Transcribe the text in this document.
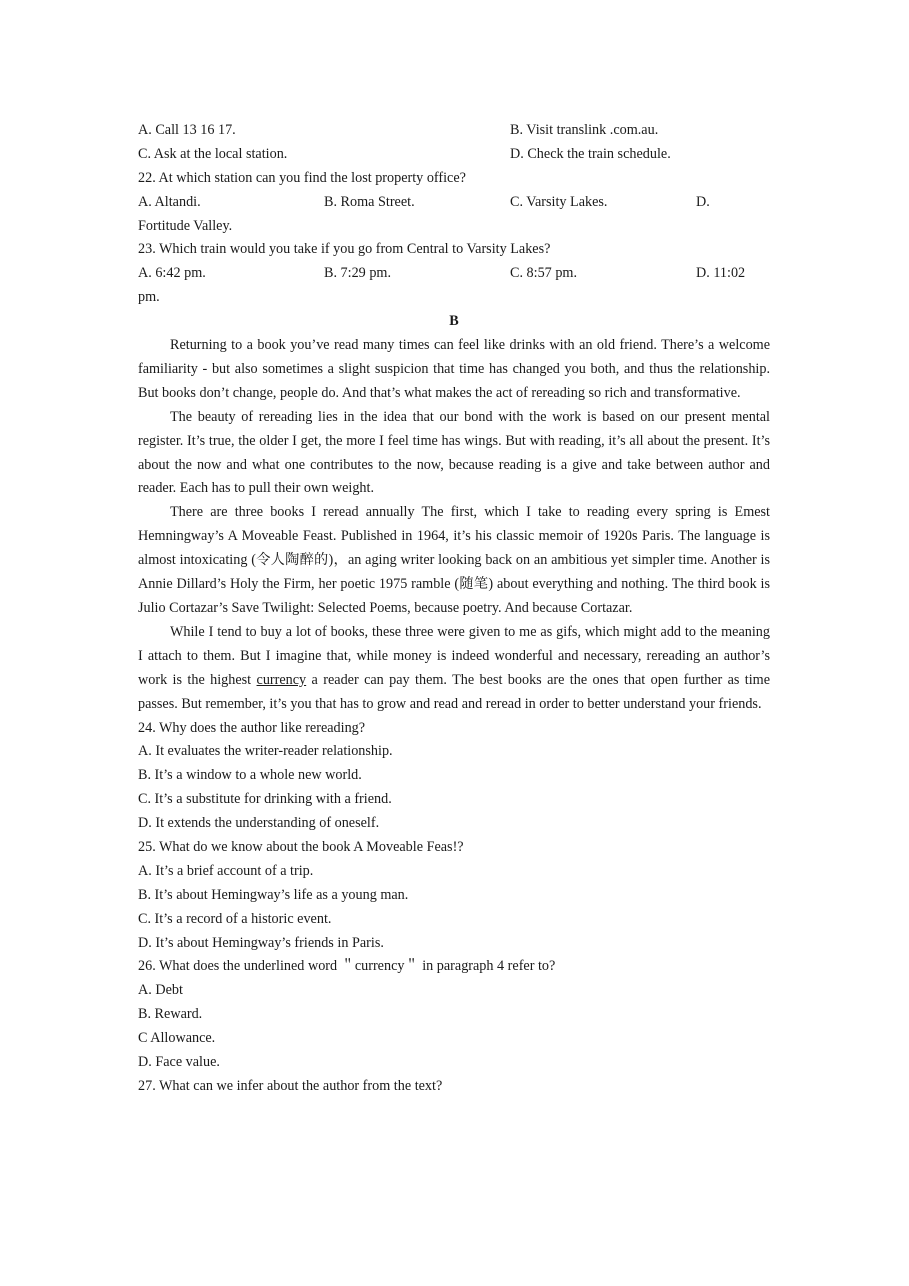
A. Call 13 16 17.	B. Visit translink .com.au.
C. Ask at the local station.	D. Check the train schedule.
22. At which station can you find the lost property office?
A. Altandi.	B. Roma Street.	C. Varsity Lakes.	D.
Fortitude Valley.
23. Which train would you take if you go from Central to Varsity Lakes?
A. 6:42 pm.	B. 7:29 pm.	C. 8:57 pm.	D. 11:02
pm.
B
Returning to a book you’ve read many times can feel like drinks with an old friend. There’s a welcome familiarity - but also sometimes a slight suspicion that time has changed you both, and thus the relationship. But books don’t change, people do. And that’s what makes the act of rereading so rich and transformative.
The beauty of rereading lies in the idea that our bond with the work is based on our present mental register. It’s true, the older I get, the more I feel time has wings. But with reading, it’s all about the present. It’s about the now and what one contributes to the now, because reading is a give and take between author and reader. Each has to pull their own weight.
There are three books I reread annually The first, which I take to reading every spring is Emest Hemningway’s A Moveable Feast. Published in 1964, it’s his classic memoir of 1920s Paris. The language is almost intoxicating (令人陶醉的)，an aging writer looking back on an ambitious yet simpler time. Another is Annie Dillard’s Holy the Firm, her poetic 1975 ramble (随笔) about everything and nothing. The third book is Julio Cortazar’s Save Twilight: Selected Poems, because poetry. And because Cortazar.
While I tend to buy a lot of books, these three were given to me as gifs, which might add to the meaning I attach to them. But I imagine that, while money is indeed wonderful and necessary, rereading an author’s work is the highest currency a reader can pay them. The best books are the ones that open further as time passes. But remember, it’s you that has to grow and read and reread in order to better understand your friends.
24. Why does the author like rereading?
A. It evaluates the writer-reader relationship.
B. It’s a window to a whole new world.
C. It’s a substitute for drinking with a friend.
D. It extends the understanding of oneself.
25. What do we know about the book A Moveable Feas!?
A. It’s a brief account of a trip.
B. It’s about Hemingway’s life as a young man.
C. It’s a record of a historic event.
D. It’s about Hemingway’s friends in Paris.
26. What does the underlined word ＂currency＂ in paragraph 4 refer to?
A. Debt
B. Reward.
C Allowance.
D. Face value.
27. What can we infer about the author from the text?
